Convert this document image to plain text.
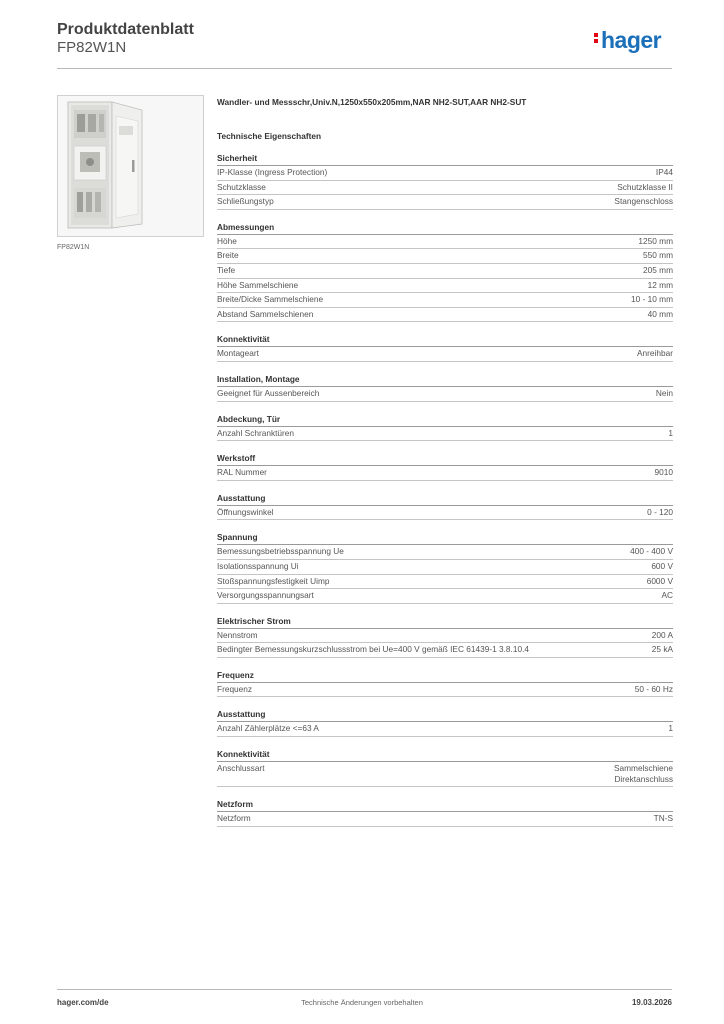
Produktdatenblatt
FP82W1N	hager
FP82W1N
Wandler- und Messschr,Univ.N,1250x550x205mm,NAR NH2-SUT,AAR NH2-SUT
Technische Eigenschaften
Sicherheit
IP-Klasse (Ingress Protection)	IP44
Schutzklasse	Schutzklasse II
Schließungstyp	Stangenschloss
Abmessungen
Höhe	1250 mm
Breite	550 mm
Tiefe	205 mm
Höhe Sammelschiene	12 mm
Breite/Dicke Sammelschiene	10 - 10 mm
Abstand Sammelschienen	40 mm
Konnektivität
Montageart	Anreihbar
Installation, Montage
Geeignet für Aussenbereich	Nein
Abdeckung, Tür
Anzahl Schranktüren	1
Werkstoff
RAL Nummer	9010
Ausstattung
Öffnungswinkel	0 - 120
Spannung
Bemessungsbetriebsspannung Ue	400 - 400 V
Isolationsspannung Ui	600 V
Stoßspannungsfestigkeit Uimp	6000 V
Versorgungsspannungsart	AC
Elektrischer Strom
Nennstrom	200 A
Bedingter Bemessungskurzschlussstrom bei Ue=400 V gemäß IEC 61439-1 3.8.10.4	25 kA
Frequenz
Frequenz	50 - 60 Hz
Ausstattung
Anzahl Zählerplätze <=63 A	1
Konnektivität
Anschlussart	Sammelschiene
Direktanschluss
Netzform
Netzform	TN-S
hager.com/de	Technische Änderungen vorbehalten	19.03.2026
